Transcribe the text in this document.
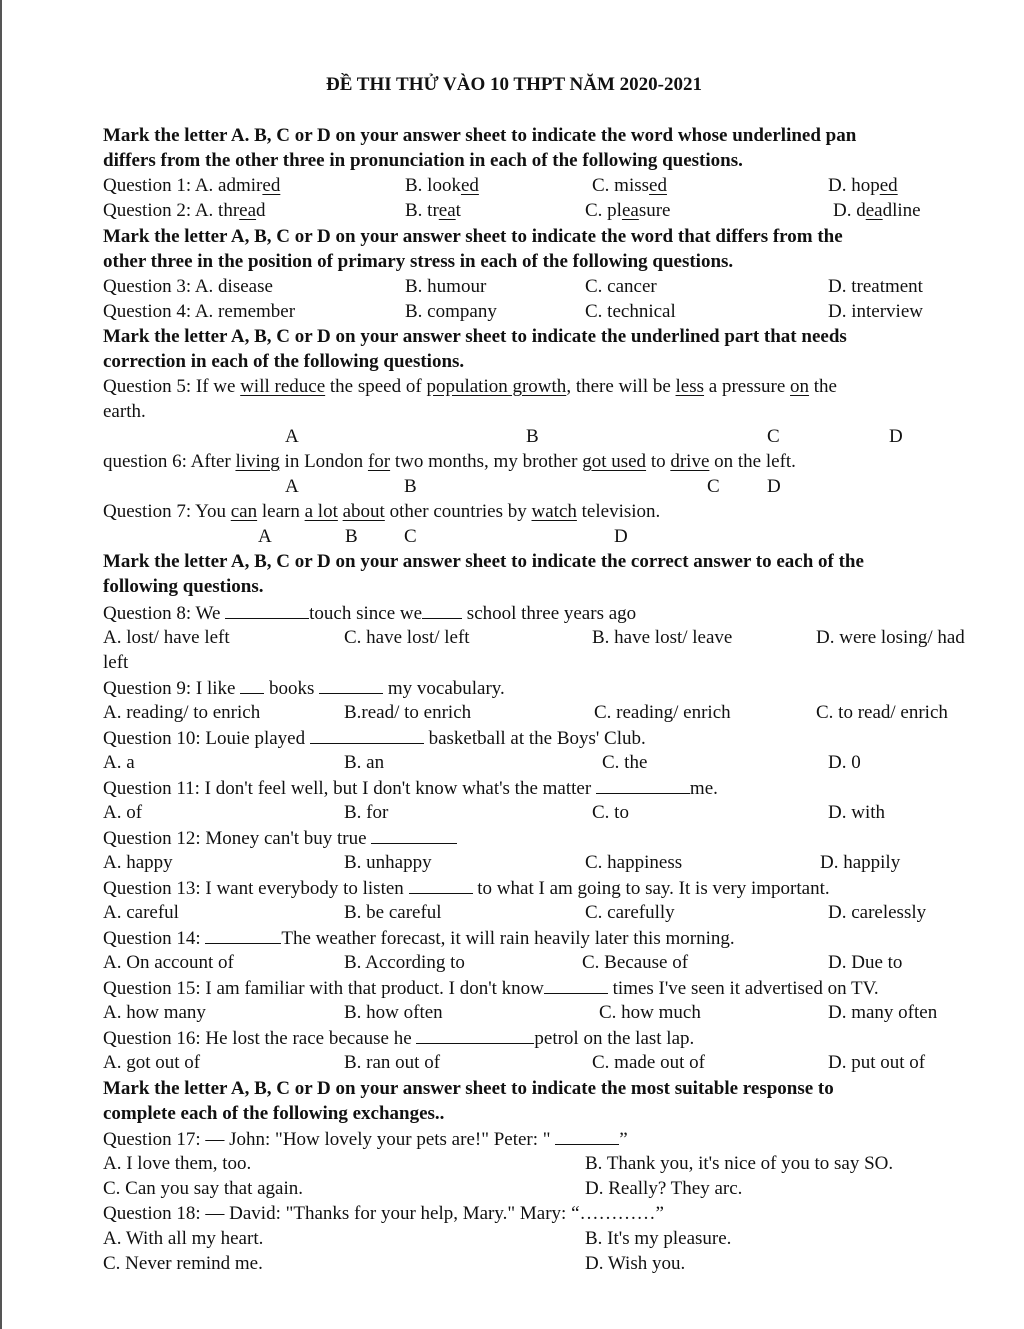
ĐỀ THI THỬ VÀO 10 THPT NĂM 2020-2021
Mark the letter A. B, C or D on your answer sheet to indicate the word whose underlined pan
differs from the other three in pronunciation in each of the following questions.
Question 1: A. admired	B. looked	C. missed	D. hoped
Question 2: A. thread	B. treat	C. pleasure	D. deadline
Mark the letter A, B, C or D on your answer sheet to indicate the word that differs from the
other three in the position of primary stress in each of the following questions.
Question 3: A. disease	B. humour	C. cancer	D. treatment
Question 4: A. remember	B. company	C. technical	D. interview
Mark the letter A, B, C or D on your answer sheet to indicate the underlined part that needs
correction in each of the following questions.
Question 5: If we will reduce the speed of population growth, there will be less a pressure on the
earth.
A	B	C	D
question 6: After living in London for two months, my brother got used to drive on the left.
A	B	C D
Question 7: You can learn a lot about other countries by watch television.
A	B C	D
Mark the letter A, B, C or D on your answer sheet to indicate the correct answer to each of the
following questions.
Question 8: We	touch since we school three years ago
A. lost/ have left	C. have lost/ left	B. have lost/ leave	D. were losing/ had
left
Question 9: I like  books	my vocabulary.
A. reading/ to enrich	B.read/ to enrich	C. reading/ enrich	C. to read/ enrich
Question 10: Louie played	basketball at the Boys' Club.
A. a	B. an	C. the	D. 0
Question 11: I don't feel well, but I don't know what's the matter	me.
A. of	B. for	C. to	D. with
Question 12: Money can't buy true
A. happy	B. unhappy	C. happiness	D. happily
Question 13: I want everybody to listen	to what I am going to say. It is very important.
A. careful	B. be careful	C. carefully	D. carelessly
Question 14:	The weather forecast, it will rain heavily later this morning.
A. On account of	B. According to	C. Because of	D. Due to
Question 15: I am familiar with that product. I don't know	times I've seen it advertised on TV.
A. how many	B. how often	C. how much	D. many often
Question 16: He lost the race because he	petrol on the last lap.
A. got out of	B. ran out of	C. made out of	D. put out of
Mark the letter A, B, C or D on your answer sheet to indicate the most suitable response to
complete each of the following exchanges..
Question 17: — John: "How lovely your pets are!" Peter: "	”
A. I love them, too.	B. Thank you, it's nice of you to say SO.
C. Can you say that again.	D. Really? They arc.
Question 18: — David: "Thanks for your help, Mary." Mary: “…………”
A. With all my heart.	B. It's my pleasure.
C. Never remind me.	D. Wish you.
